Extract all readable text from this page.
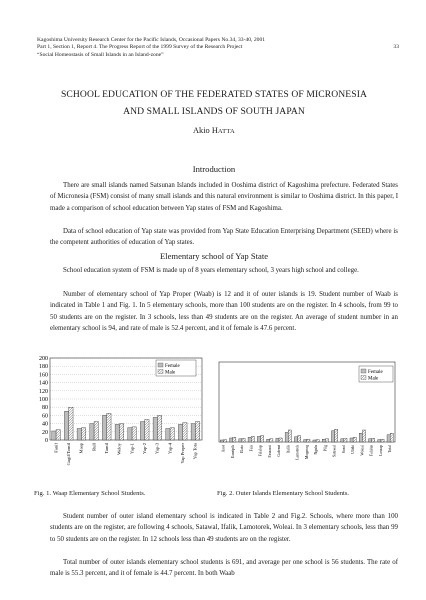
Kagoshima University Research Center for the Pacific Islands, Occasional Papers No.34, 33-40, 2001
Part 1, Section 1, Report 4. The Progress Report of the 1999 Survey of the Research Project
“Social Homeostasis of Small Islands in an Island-zone”
33
SCHOOL EDUCATION OF THE FEDERATED STATES OF MICRONESIA
AND SMALL ISLANDS OF SOUTH JAPAN
Akio HATTA
Introduction

There are small islands named Satsunan Islands included in Ooshima district of Kagoshima prefecture. Federated States of Micronesia (FSM) consist of many small islands and this natural environment is similar to Ooshima district. In this paper, I made a comparison of school education between Yap states of FSM and Kagoshima.

Data of school education of Yap state was provided from Yap State Education Enterprising Department (SEED) where is the competent authorities of education of Yap states.

Elementary school of Yap State

School education system of FSM is made up of 8 years elementary school, 3 years high school and college.

Number of elementary school of Yap Proper (Waab) is 12 and it of outer islands is 19. Student number of Waab is indicated in Table 1 and Fig. 1. In 5 elementary schools, more than 100 students are on the register. In 4 schools, from 99 to 50 students are on the register. In 3 schools, less than 49 students are on the register. An average of student number in an elementary school is 94, and rate of male is 52.4 percent, and it of female is 47.6 percent.

200
180
160
140
120
100
80
60
40
20
0
Female
Male
Fanif Gagil/Tomil Maap Rull Tamil Weloy Yap-1 Yap-2 Yap-3 Yap-4 Yap Proper Yap Tota
Female
Male
Asor Eauripik Elato Fais Falalop Fassarai Gaferut Ifalik Lamotrek Mogmog Ngulu Piig Satawal Sorol Ulithi Woleai Falalus Lossap Total
Fig. 1. Waap Elementary School Students.	Fig. 2. Outer Islands Elementary School Students.

Student number of outer island elementary school is indicated in Table 2 and Fig.2. Schools, where more than 100 students are on the register, are following 4 schools, Satawal, Ifalik, Lamotorek, Woleai. In 3 elementary schools, less than 99 to 50 students are on the register. In 12 schools less than 49 students are on the register.

Total number of outer islands elementary school students is 691, and average per one school is 56 students. The rate of male is 55.3 percent, and it of female is 44.7 percent. In both Waab
